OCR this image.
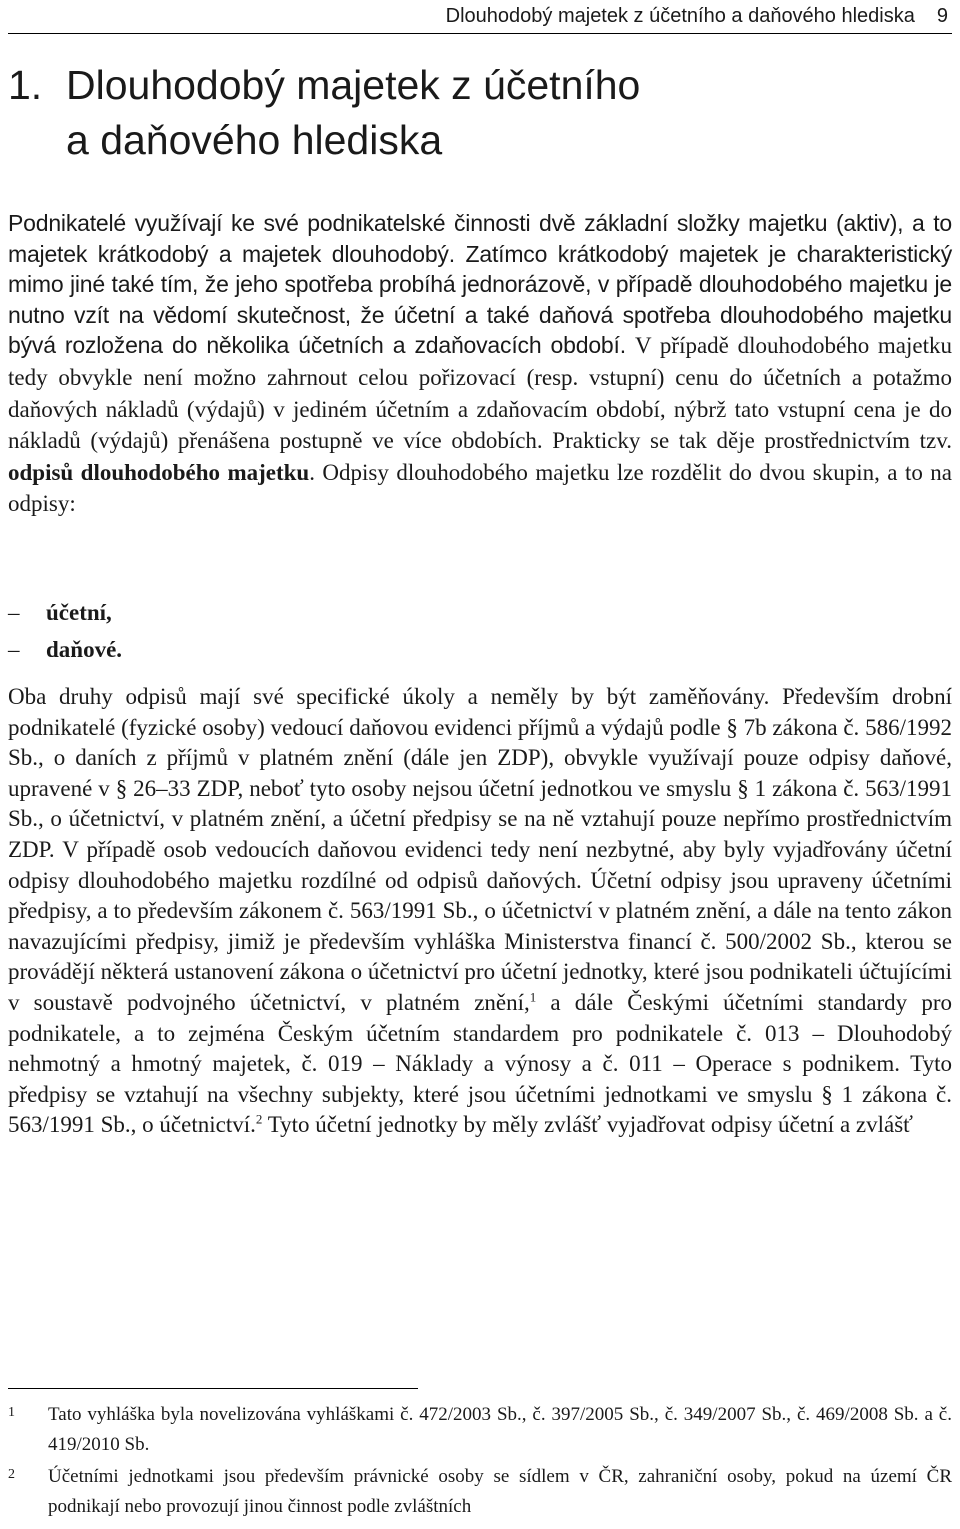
Dlouhodobý majetek z účetního a daňového hlediska 9
1. Dlouhodobý majetek z účetního
a daňového hlediska

Podnikatelé využívají ke své podnikatelské činnosti dvě základní složky majetku (aktiv), a to majetek krátkodobý a majetek dlouhodobý. Zatímco krátkodobý majetek je charakteristický mimo jiné také tím, že jeho spotřeba probíhá jednorázově, v případě dlouhodobého majetku je nutno vzít na vědomí skutečnost, že účetní a také daňová spotřeba dlouhodobého majetku bývá rozložena do několika účetních a zdaňovacích období. V případě dlouhodobého majetku tedy obvykle není možno zahrnout celou pořizovací (resp. vstupní) cenu do účetních a potažmo daňových nákladů (výdajů) v jediném účetním a zdaňovacím období, nýbrž tato vstupní cena je do nákladů (výdajů) přenášena postupně ve více obdobích. Prakticky se tak děje prostřednictvím tzv. odpisů dlouhodobého majetku. Odpisy dlouhodobého majetku lze rozdělit do dvou skupin, a to na odpisy:

–	účetní,
–	daňové.

Oba druhy odpisů mají své specifické úkoly a neměly by být zaměňovány. Především drobní podnikatelé (fyzické osoby) vedoucí daňovou evidenci příjmů a výdajů podle § 7b zákona č. 586/1992 Sb., o daních z příjmů v platném znění (dále jen ZDP), obvykle využívají pouze odpisy daňové, upravené v § 26–33 ZDP, neboť tyto osoby nejsou účetní jednotkou ve smyslu § 1 zákona č. 563/1991 Sb., o účetnictví, v platném znění, a účetní předpisy se na ně vztahují pouze nepřímo prostřednictvím ZDP. V případě osob vedoucích daňovou evidenci tedy není nezbytné, aby byly vyjadřovány účetní odpisy dlouhodobého majetku rozdílné od odpisů daňových. Účetní odpisy jsou upraveny účetními předpisy, a to především zákonem č. 563/1991 Sb., o účetnictví v platném znění, a dále na tento zákon navazujícími předpisy, jimiž je především vyhláška Ministerstva financí č. 500/2002 Sb., kterou se provádějí některá ustanovení zákona o účetnictví pro účetní jednotky, které jsou podnikateli účtujícími v soustavě podvojného účetnictví, v platném znění,$^1$ a dále Českými účetními standardy pro podnikatele, a to zejména Českým účetním standardem pro podnikatele č. 013 – Dlouhodobý nehmotný a hmotný majetek, č. 019 – Náklady a výnosy a č. 011 – Operace s podnikem. Tyto předpisy se vztahují na všechny subjekty, které jsou účetními jednotkami ve smyslu § 1 zákona č. 563/1991 Sb., o účetnictví.$^2$ Tyto účetní jednotky by měly zvlášť vyjadřovat odpisy účetní a zvlášť

1	Tato vyhláška byla novelizována vyhláškami č. 472/2003 Sb., č. 397/2005 Sb., č. 349/2007 Sb., č. 469/2008 Sb. a č. 419/2010 Sb.
2	Účetními jednotkami jsou především právnické osoby se sídlem v ČR, zahraniční osoby, pokud na území ČR podnikají nebo provozují jinou činnost podle zvláštních
